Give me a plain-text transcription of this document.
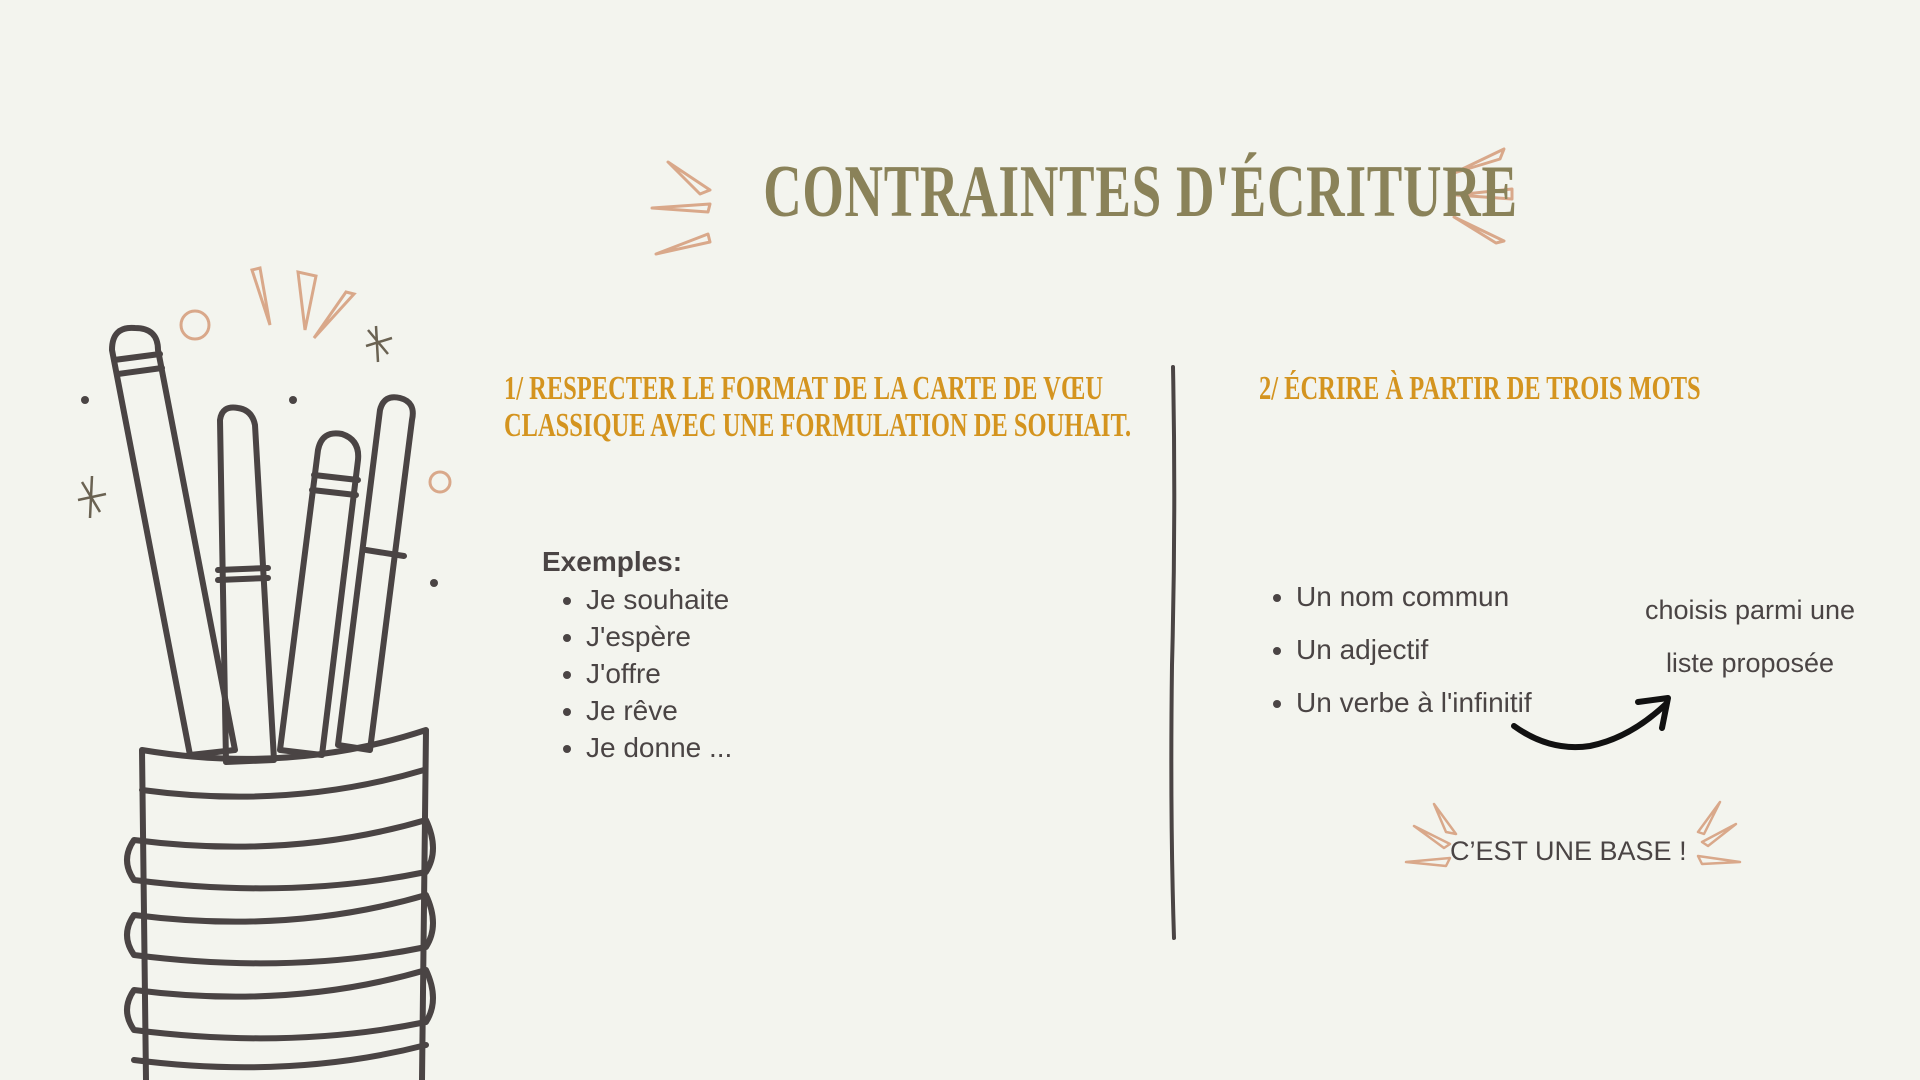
CONTRAINTES D'ÉCRITURE
1/ RESPECTER LE FORMAT DE LA CARTE DE VŒU
CLASSIQUE AVEC UNE FORMULATION DE SOUHAIT.
Exemples:
• Je souhaite
• J'espère
• J'offre
• Je rêve
• Je donne ...
2/ ÉCRIRE À PARTIR DE TROIS MOTS
• Un nom commun
• Un adjectif
• Un verbe à l'infinitif
choisis parmi une
liste proposée
C’EST UNE BASE !
